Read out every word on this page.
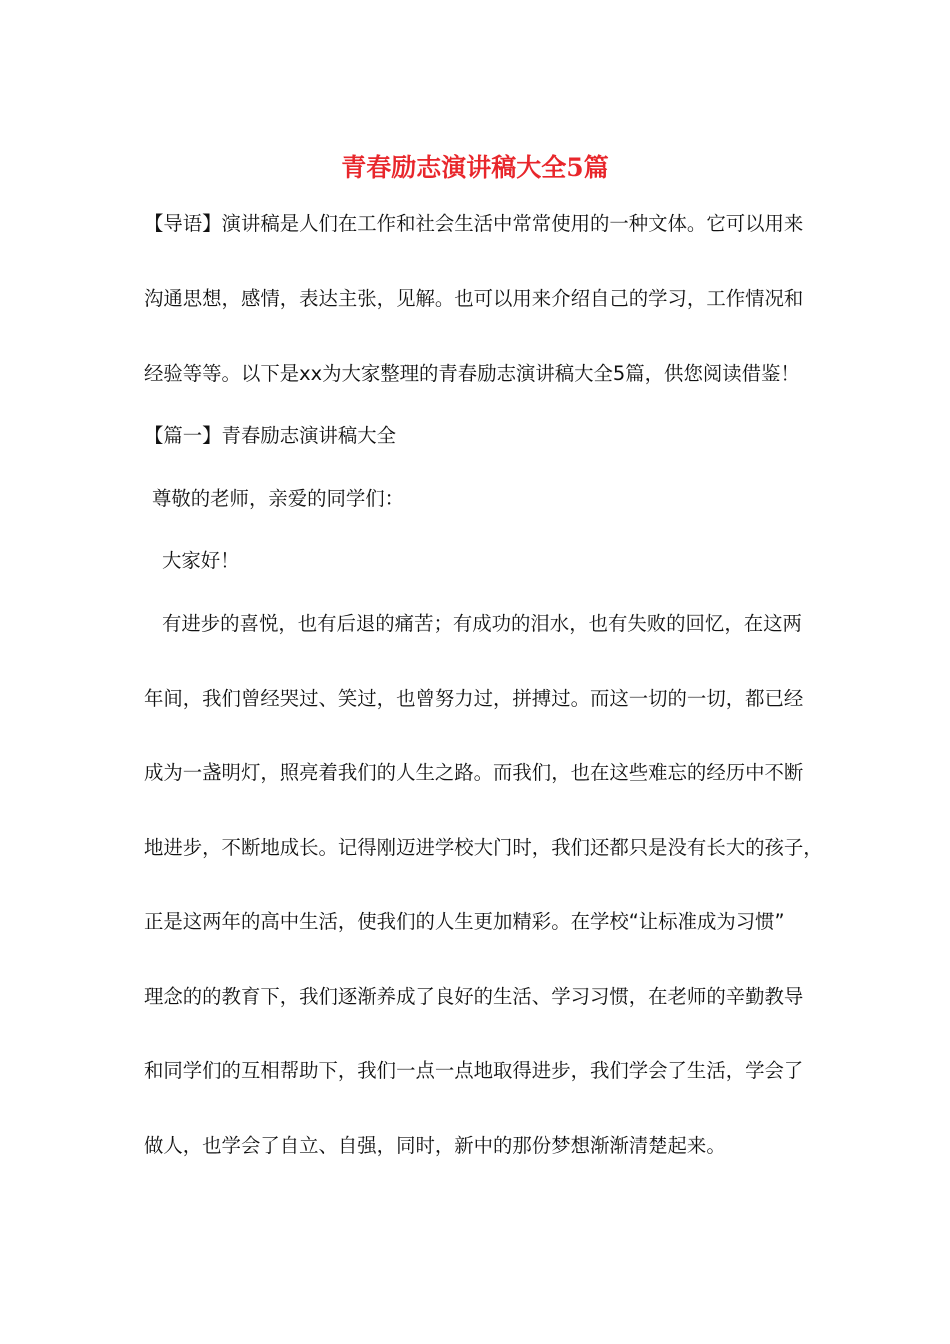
青春励志演讲稿大全5篇
【导语】演讲稿是人们在工作和社会生活中常常使用的一种文体。它可以用来
沟通思想，感情，表达主张，见解。也可以用来介绍自己的学习，工作情况和
经验等等。以下是xx为大家整理的青春励志演讲稿大全5篇，供您阅读借鉴！
【篇一】青春励志演讲稿大全
尊敬的老师，亲爱的同学们：
大家好！
有进步的喜悦，也有后退的痛苦；有成功的泪水，也有失败的回忆，在这两
年间，我们曾经哭过、笑过，也曾努力过，拼搏过。而这一切的一切，都已经
成为一盏明灯，照亮着我们的人生之路。而我们，也在这些难忘的经历中不断
地进步，不断地成长。记得刚迈进学校大门时，我们还都只是没有长大的孩子，
正是这两年的高中生活，使我们的人生更加精彩。在学校“让标准成为习惯”
理念的的教育下，我们逐渐养成了良好的生活、学习习惯，在老师的辛勤教导
和同学们的互相帮助下，我们一点一点地取得进步，我们学会了生活，学会了
做人，也学会了自立、自强，同时，新中的那份梦想渐渐清楚起来。
